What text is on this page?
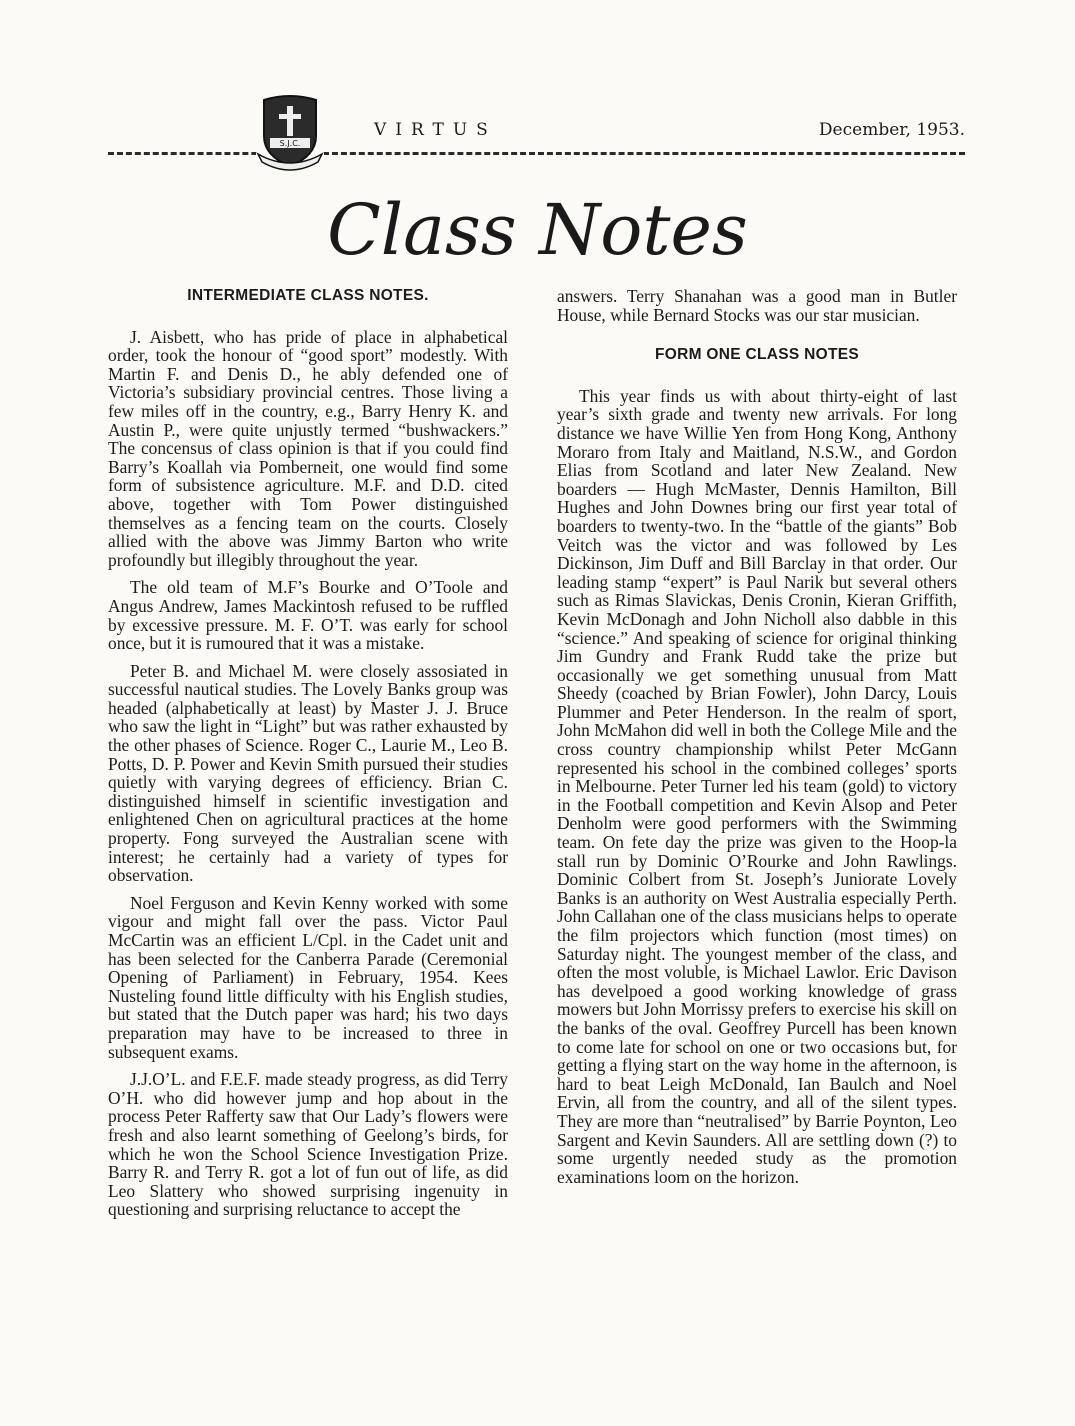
S.J.C.
VIRTUS	December, 1953.
Class Notes
INTERMEDIATE CLASS NOTES.

J. Aisbett, who has pride of place in alphabetical order, took the honour of “good sport” modestly. With Martin F. and Denis D., he ably defended one of Victoria’s subsidiary provincial centres. Those living a few miles off in the country, e.g., Barry Henry K. and Austin P., were quite unjustly termed “bushwackers.” The concensus of class opinion is that if you could find Barry’s Koallah via Pomberneit, one would find some form of subsistence agriculture. M.F. and D.D. cited above, together with Tom Power distinguished themselves as a fencing team on the courts. Closely allied with the above was Jimmy Barton who write profoundly but illegibly throughout the year.

The old team of M.F’s Bourke and O’Toole and Angus Andrew, James Mackintosh refused to be ruffled by excessive pressure. M. F. O’T. was early for school once, but it is rumoured that it was a mistake.

Peter B. and Michael M. were closely assosiated in successful nautical studies. The Lovely Banks group was headed (alphabetically at least) by Master J. J. Bruce who saw the light in “Light” but was rather exhausted by the other phases of Science. Roger C., Laurie M., Leo B. Potts, D. P. Power and Kevin Smith pursued their studies quietly with varying degrees of efficiency. Brian C. distinguished himself in scientific investigation and enlightened Chen on agricultural practices at the home property. Fong surveyed the Australian scene with interest; he certainly had a variety of types for observation.

Noel Ferguson and Kevin Kenny worked with some vigour and might fall over the pass. Victor Paul McCartin was an efficient L/Cpl. in the Cadet unit and has been selected for the Canberra Parade (Ceremonial Opening of Parliament) in February, 1954. Kees Nusteling found little difficulty with his English studies, but stated that the Dutch paper was hard; his two days preparation may have to be increased to three in subsequent exams.

J.J.O’L. and F.E.F. made steady progress, as did Terry O’H. who did however jump and hop about in the process Peter Rafferty saw that Our Lady’s flowers were fresh and also learnt something of Geelong’s birds, for which he won the School Science Investigation Prize. Barry R. and Terry R. got a lot of fun out of life, as did Leo Slattery who showed surprising ingenuity in questioning and surprising reluctance to accept the

answers. Terry Shanahan was a good man in Butler House, while Bernard Stocks was our star musician.

FORM ONE CLASS NOTES

This year finds us with about thirty-eight of last year’s sixth grade and twenty new arrivals. For long distance we have Willie Yen from Hong Kong, Anthony Moraro from Italy and Maitland, N.S.W., and Gordon Elias from Scotland and later New Zealand. New boarders — Hugh McMaster, Dennis Hamilton, Bill Hughes and John Downes bring our first year total of boarders to twenty-two. In the “battle of the giants” Bob Veitch was the victor and was followed by Les Dickinson, Jim Duff and Bill Barclay in that order. Our leading stamp “expert” is Paul Narik but several others such as Rimas Slavickas, Denis Cronin, Kieran Griffith, Kevin McDonagh and John Nicholl also dabble in this “science.” And speaking of science for original thinking Jim Gundry and Frank Rudd take the prize but occasionally we get something unusual from Matt Sheedy (coached by Brian Fowler), John Darcy, Louis Plummer and Peter Henderson. In the realm of sport, John McMahon did well in both the College Mile and the cross country championship whilst Peter McGann represented his school in the combined colleges’ sports in Melbourne. Peter Turner led his team (gold) to victory in the Football competition and Kevin Alsop and Peter Denholm were good performers with the Swimming team. On fete day the prize was given to the Hoop-la stall run by Dominic O’Rourke and John Rawlings. Dominic Colbert from St. Joseph’s Juniorate Lovely Banks is an authority on West Australia especially Perth. John Callahan one of the class musicians helps to operate the film projectors which function (most times) on Saturday night. The youngest member of the class, and often the most voluble, is Michael Lawlor. Eric Davison has develpoed a good working knowledge of grass mowers but John Morrissy prefers to exercise his skill on the banks of the oval. Geoffrey Purcell has been known to come late for school on one or two occasions but, for getting a flying start on the way home in the afternoon, is hard to beat Leigh McDonald, Ian Baulch and Noel Ervin, all from the country, and all of the silent types. They are more than “neutralised” by Barrie Poynton, Leo Sargent and Kevin Saunders. All are settling down (?) to some urgently needed study as the promotion examinations loom on the horizon.
